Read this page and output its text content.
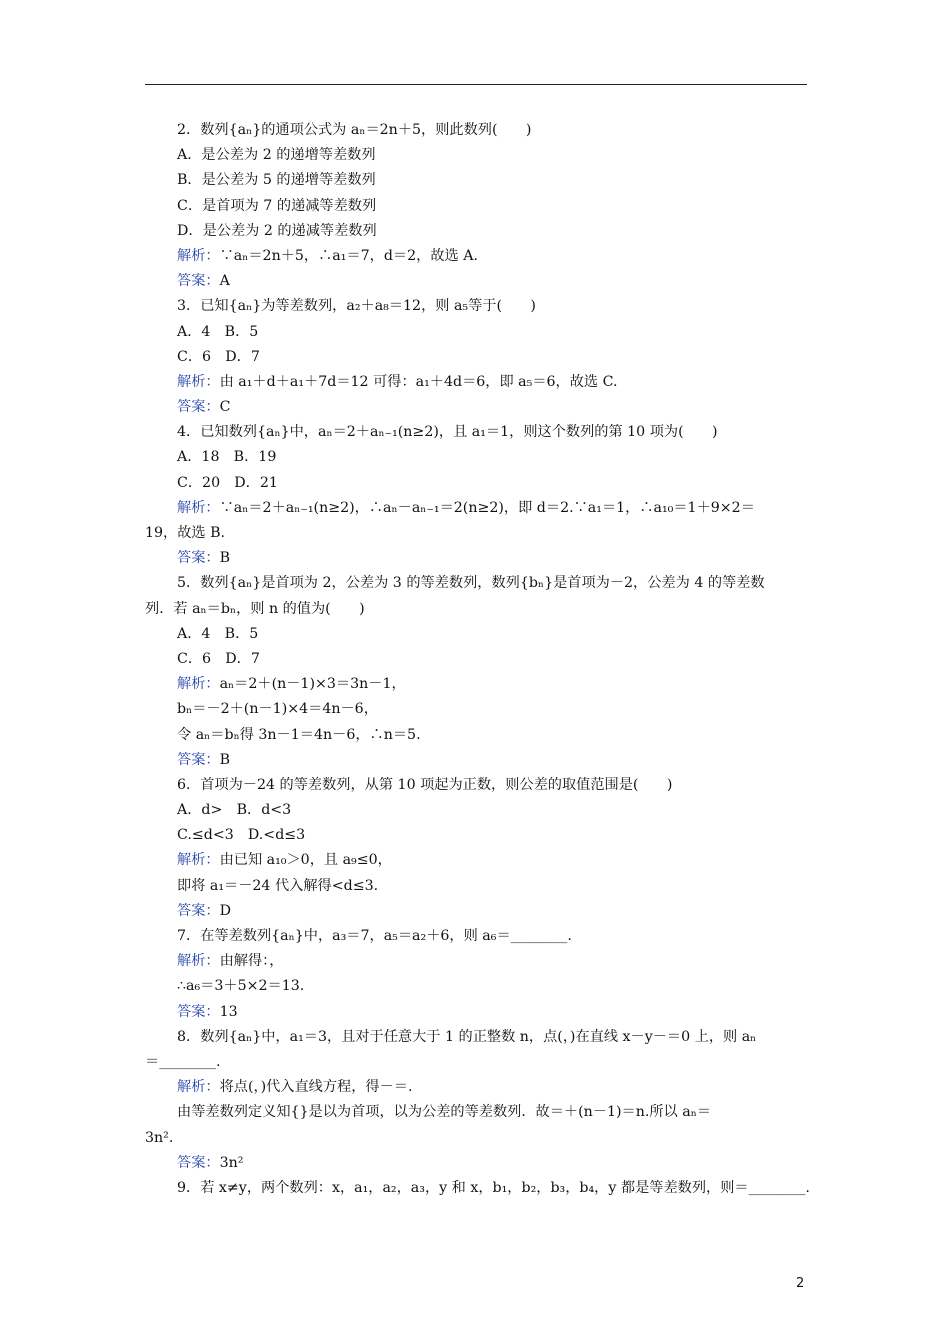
2．数列{aₙ}的通项公式为 aₙ＝2n＋5，则此数列(　　)
A．是公差为 2 的递增等差数列
B．是公差为 5 的递增等差数列
C．是首项为 7 的递减等差数列
D．是公差为 2 的递减等差数列
解析：∵aₙ＝2n＋5，∴a₁＝7，d＝2，故选 A.
答案：A
3．已知{aₙ}为等差数列，a₂＋a₈＝12，则 a₅等于(　　)
A．4　B．5
C．6　D．7
解析：由 a₁＋d＋a₁＋7d＝12 可得：a₁＋4d＝6，即 a₅＝6，故选 C.
答案：C
4．已知数列{aₙ}中，aₙ＝2＋aₙ₋₁(n≥2)，且 a₁＝1，则这个数列的第 10 项为(　　)
A．18　B．19
C．20　D．21
解析：∵aₙ＝2＋aₙ₋₁(n≥2)，∴aₙ－aₙ₋₁＝2(n≥2)，即 d＝2.∵a₁＝1，∴a₁₀＝1＋9×2＝
19，故选 B.
答案：B
5．数列{aₙ}是首项为 2，公差为 3 的等差数列，数列{bₙ}是首项为－2，公差为 4 的等差数
列．若 aₙ＝bₙ，则 n 的值为(　　)
A．4　B．5
C．6　D．7
解析：aₙ＝2＋(n－1)×3＝3n－1，
bₙ＝－2＋(n－1)×4＝4n－6，
令 aₙ＝bₙ得 3n－1＝4n－6，∴n＝5.
答案：B
6．首项为－24 的等差数列，从第 10 项起为正数，则公差的取值范围是(　　)
A．d>　B．d<3
C.≤d<3　D.<d≤3
解析：由已知 a₁₀＞0，且 a₉≤0，
即将 a₁＝－24 代入解得<d≤3.
答案：D
7．在等差数列{aₙ}中，a₃＝7，a₅＝a₂＋6，则 a₆＝________.
解析：由解得：，
∴a₆＝3＋5×2＝13.
答案：13
8．数列{aₙ}中，a₁＝3，且对于任意大于 1 的正整数 n，点(，)在直线 x－y－＝0 上，则 aₙ
＝________.
解析：将点(，)代入直线方程，得－＝.
由等差数列定义知{}是以为首项，以为公差的等差数列．故＝＋(n－1)＝n.所以 aₙ＝
3n².
答案：3n²
9．若 x≠y，两个数列：x，a₁，a₂，a₃，y 和 x，b₁，b₂，b₃，b₄，y 都是等差数列，则＝________.
2
